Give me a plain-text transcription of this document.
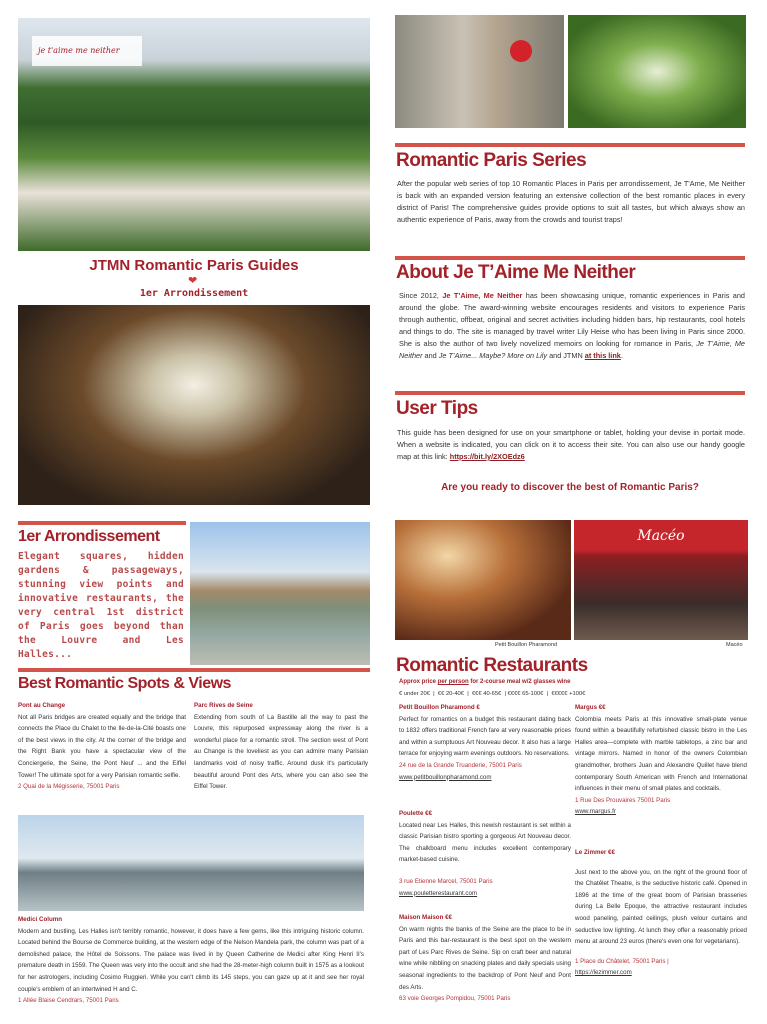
je t'aime me neither
JTMN Romantic Paris Guides
❤
1er Arrondissement
1er Arrondissement
Elegant squares, hidden gardens & passageways, stunning view points and innovative restaurants, the very central 1st district of Paris goes beyond than the Louvre and Les Halles...
Best Romantic Spots & Views
Pont au Change
Not all Paris bridges are created equally and the bridge that connects the Place du Chalet to the Ile-de-la-Cité boasts one of the best views in the city. At the corner of the bridge and the Right Bank you have a spectacular view of the Conciergerie, the Seine, the Pont Neuf ... and the Eiffel Tower! The ultimate spot for a very Parisian romantic selfie.
2 Quai de la Mégisserie, 75001 Paris
Parc Rives de Seine
Extending from south of La Bastille all the way to past the Louvre, this repurposed expressway along the river is a wonderful place for a romantic stroll. The section west of Pont au Change is the loveliest as you can admire many Parisian landmarks void of noisy traffic. Around dusk it's particularly beautiful around Pont des Arts, where you can also see the Eiffel Tower.
Medici Column
Modern and bustling, Les Halles isn't terribly romantic, however, it does have a few gems, like this intriguing historic column. Located behind the Bourse de Commerce building, at the western edge of the Nelson Mandela park, the column was part of a demolished palace, the Hôtel de Soissons. The palace was lived in by Queen Catherine de Medici after King Henri II's premature death in 1559. The Queen was very into the occult and she had the 28-meter-high column built in 1575 as a lookout for her astrologers, including Cosimo Ruggieri. While you can't climb its 145 steps, you can gaze up at it and see her royal couple's emblem of an intertwined H and C.
1 Allée Blaise Cendrars, 75001 Paris
Romantic Paris Series
After the popular web series of top 10 Romantic Places in Paris per arrondissement, Je T'Ame, Me Neither is back with an expanded version featuring an extensive collection of the best romantic places in every district of Paris! The comprehensive guides provide options to suit all tastes, but which always show an authentic experience of Paris, away from the crowds and tourist traps!
About Je T’Aime Me Neither
Since 2012, Je T’Aime, Me Neither has been showcasing unique, romantic experiences in Paris and around the globe. The award-winning website encourages residents and visitors to experience Paris through authentic, offbeat, original and secret activities including hidden bars, hip restaurants, cool hotels and things to do. The site is managed by travel writer Lily Heise who has been living in Paris since 2000. She is also the author of two lively novelized memoirs on looking for romance in Paris, Je T’Aime, Me Neither and Je T’Aime... Maybe? More on Lily and JTMN at this link.
User Tips
This guide has been designed for use on your smartphone or tablet, holding your devise in portait mode. When a website is indicated, you can click on it to access their site. You can also use our handy google map at this link: https://bit.ly/2XOEdz6
Are you ready to discover the best of Romantic Paris?
Macéo
Petit Bouillon Pharamond	Macéo
Romantic Restaurants
Approx price per person for 2-course meal w/2 glasses wine
€ under 20€  |  €€ 20-40€  |  €€€ 40-65€  | €€€€ 65-100€  |  €€€€€ +100€
Petit Bouillon Pharamond €
Perfect for romantics on a budget this restaurant dating back to 1832 offers traditional French fare at very reasonable prices and within a sumptuous Art Nouveau decor. It also has a large terrace for enjoying warm evenings outdoors. No reservations.
24 rue de la Grande Truanderie, 75001 Paris
www.petitbouillonpharamond.com
Poulette €€
Located near Les Halles, this newish restaurant is set within a classic Parisian bistro sporting a gorgeous Art Nouveau decor. The chalkboard menu includes excellent contemporary market-based cuisine.
3 rue Etienne Marcel, 75001 Paris
www.pouletterestaurant.com
Maison Maison €€
On warm nights the banks of the Seine are the place to be in Paris and this bar-restaurant is the best spot on the western part of Les Parc Rives de Seine. Sip on craft beer and natural wine while nibbling on snacking plates and daily specials using seasonal ingredients to the backdrop of Pont Neuf and Pont des Arts.
63 voie Georges Pompidou, 75001 Paris
Margus €€
Colombia meets Paris at this innovative small-plate venue found within a beautifully refurbished classic bistro in the Les Halles area—complete with marble tabletops, a zinc bar and vintage mirrors. Named in honor of the owners Colombian grandmother, brothers Juan and Alexandre Quillet have blend contemporary South American with French and International influences in their menu of small plates and cocktails.
1 Rue Des Prouvaires 75001 Paris
www.margus.fr
Le Zimmer €€
Just next to the above you, on the right of the ground floor of the Chatêlet Theatre, is the seductive historic café. Opened in 1896 at the time of the great boom of Parisian brasseries during La Belle Epoque, the attractive restaurant includes wood paneling, painted ceilings, plush velour curtains and seductive low lighting. At lunch they offer a reasonably priced menu at around 23 euros (there's even one for vegetarians).
1 Place du Châtelet, 75001 Paris |
https://lezimmer.com
